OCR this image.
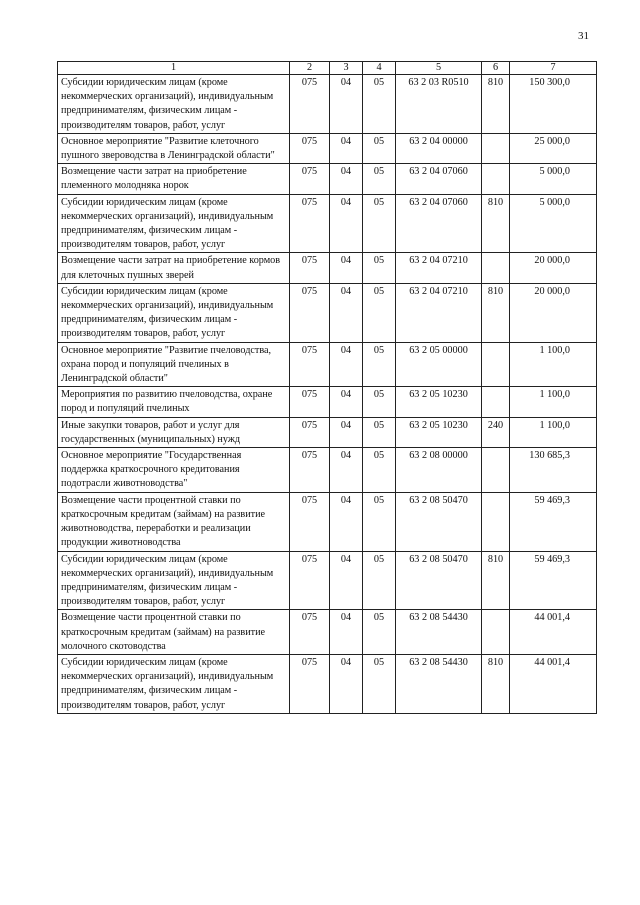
31
1	2	3	4	5	6	7
Субсидии юридическим лицам (кроме некоммерческих организаций), индивидуальным предпринимателям, физическим лицам - производителям товаров, работ, услуг	075	04	05	63 2 03 R0510	810	150 300,0
Основное мероприятие "Развитие клеточного пушного звероводства в Ленинградской области"	075	04	05	63 2 04 00000		25 000,0
Возмещение части затрат на приобретение племенного молодняка норок	075	04	05	63 2 04 07060		5 000,0
Субсидии юридическим лицам (кроме некоммерческих организаций), индивидуальным предпринимателям, физическим лицам - производителям товаров, работ, услуг	075	04	05	63 2 04 07060	810	5 000,0
Возмещение части затрат на приобретение кормов для клеточных пушных зверей	075	04	05	63 2 04 07210		20 000,0
Субсидии юридическим лицам (кроме некоммерческих организаций), индивидуальным предпринимателям, физическим лицам - производителям товаров, работ, услуг	075	04	05	63 2 04 07210	810	20 000,0
Основное мероприятие "Развитие пчеловодства, охрана пород и популяций пчелиных в Ленинградской области"	075	04	05	63 2 05 00000		1 100,0
Мероприятия по развитию пчеловодства, охране пород и популяций пчелиных	075	04	05	63 2 05 10230		1 100,0
Иные закупки товаров, работ и услуг для государственных (муниципальных) нужд	075	04	05	63 2 05 10230	240	1 100,0
Основное мероприятие "Государственная поддержка краткосрочного кредитования подотрасли животноводства"	075	04	05	63 2 08 00000		130 685,3
Возмещение части процентной ставки по краткосрочным кредитам (займам) на развитие животноводства, переработки и реализации продукции животноводства	075	04	05	63 2 08 50470		59 469,3
Субсидии юридическим лицам (кроме некоммерческих организаций), индивидуальным предпринимателям, физическим лицам - производителям товаров, работ, услуг	075	04	05	63 2 08 50470	810	59 469,3
Возмещение части процентной ставки по краткосрочным кредитам (займам) на развитие молочного скотоводства	075	04	05	63 2 08 54430		44 001,4
Субсидии юридическим лицам (кроме некоммерческих организаций), индивидуальным предпринимателям, физическим лицам - производителям товаров, работ, услуг	075	04	05	63 2 08 54430	810	44 001,4
